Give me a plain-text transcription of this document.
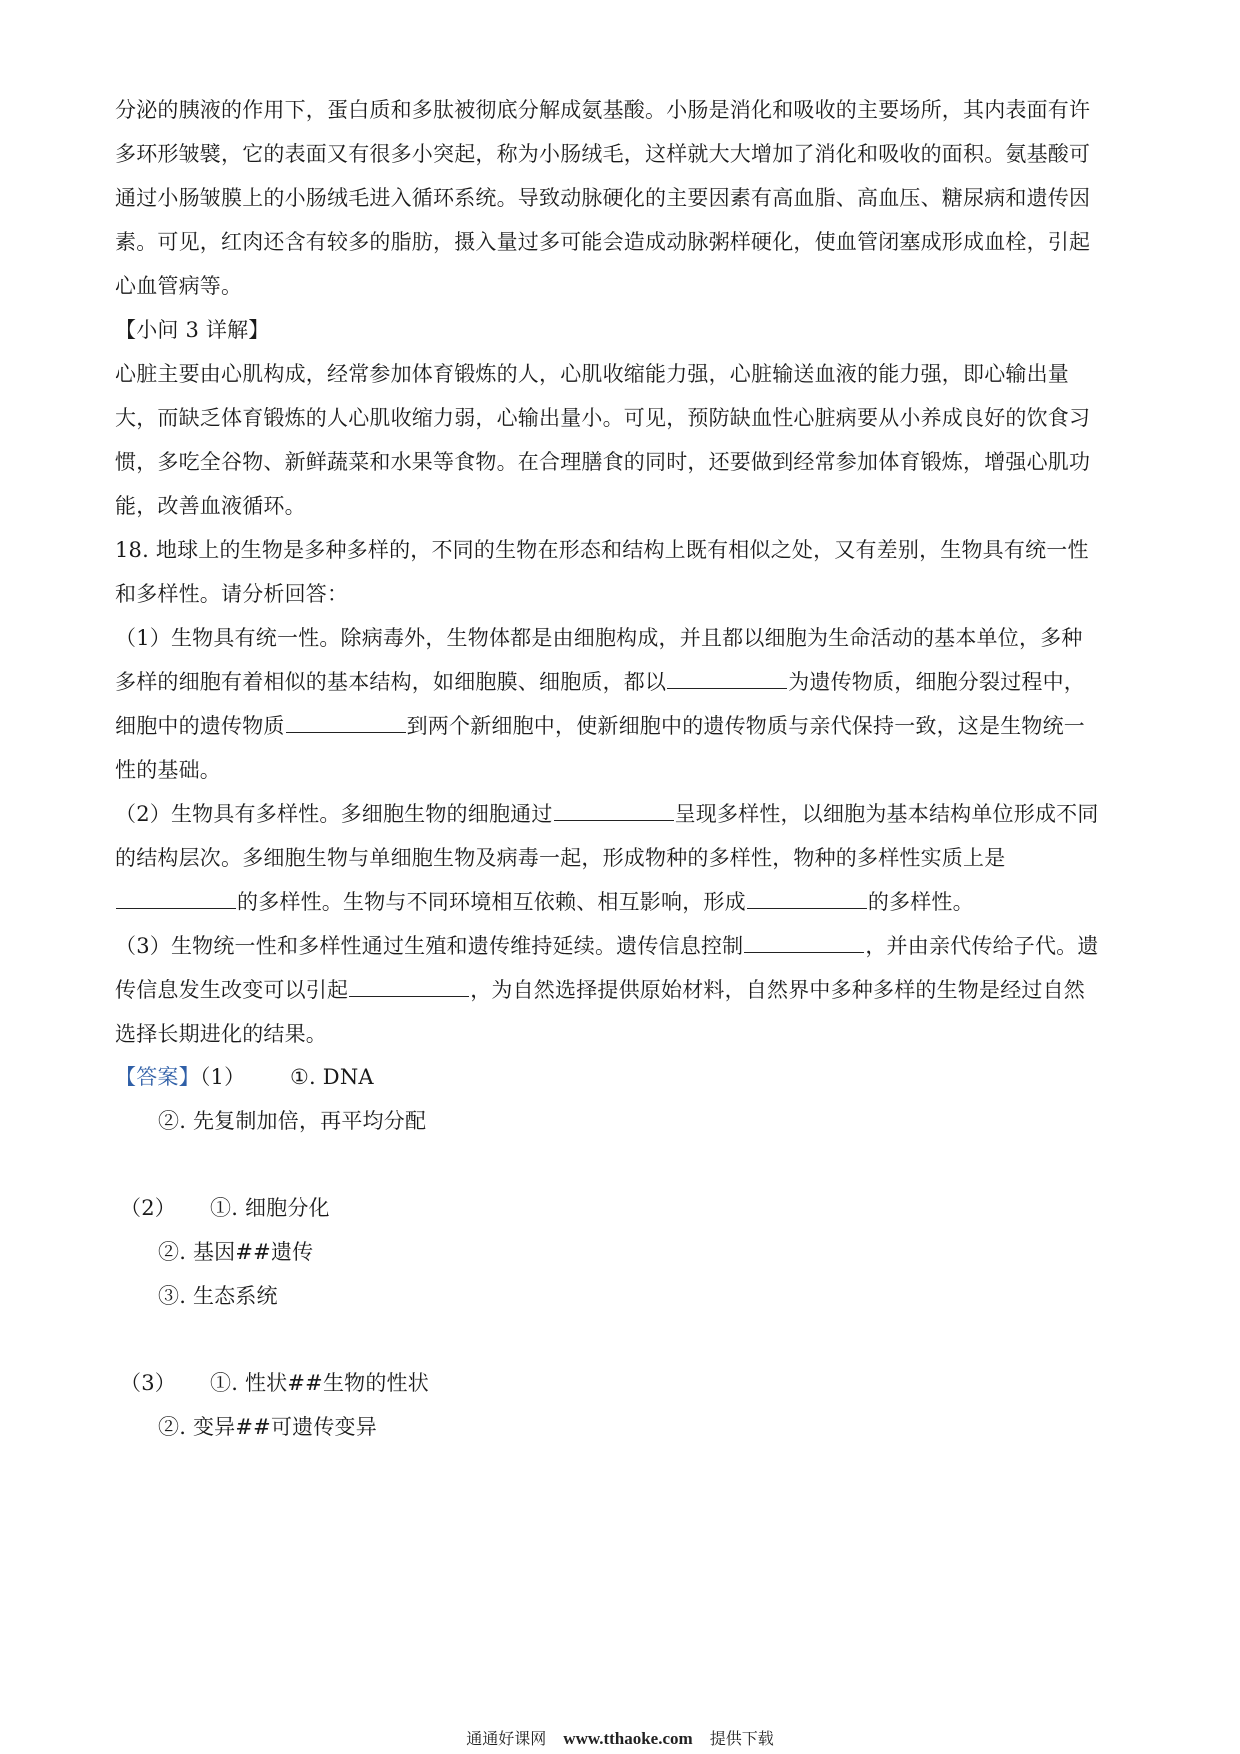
分泌的胰液的作用下，蛋白质和多肽被彻底分解成氨基酸。小肠是消化和吸收的主要场所，其内表面有许
多环形皱襞，它的表面又有很多小突起，称为小肠绒毛，这样就大大增加了消化和吸收的面积。氨基酸可
通过小肠皱膜上的小肠绒毛进入循环系统。导致动脉硬化的主要因素有高血脂、高血压、糖尿病和遗传因
素。可见，红肉还含有较多的脂肪，摄入量过多可能会造成动脉粥样硬化，使血管闭塞成形成血栓，引起
心血管病等。
【小问 3 详解】
心脏主要由心肌构成，经常参加体育锻炼的人，心肌收缩能力强，心脏输送血液的能力强，即心输出量
大，而缺乏体育锻炼的人心肌收缩力弱，心输出量小。可见，预防缺血性心脏病要从小养成良好的饮食习
惯，多吃全谷物、新鲜蔬菜和水果等食物。在合理膳食的同时，还要做到经常参加体育锻炼，增强心肌功
能，改善血液循环。
18. 地球上的生物是多种多样的，不同的生物在形态和结构上既有相似之处，又有差别，生物具有统一性
和多样性。请分析回答：
（1）生物具有统一性。除病毒外，生物体都是由细胞构成，并且都以细胞为生命活动的基本单位，多种
多样的细胞有着相似的基本结构，如细胞膜、细胞质，都以	为遗传物质，细胞分裂过程中，
细胞中的遗传物质	到两个新细胞中，使新细胞中的遗传物质与亲代保持一致，这是生物统一
性的基础。
（2）生物具有多样性。多细胞生物的细胞通过	呈现多样性，以细胞为基本结构单位形成不同
的结构层次。多细胞生物与单细胞生物及病毒一起，形成物种的多样性，物种的多样性实质上是
的多样性。生物与不同环境相互依赖、相互影响，形成	的多样性。
（3）生物统一性和多样性通过生殖和遗传维持延续。遗传信息控制	，并由亲代传给子代。遗
传信息发生改变可以引起	，为自然选择提供原始材料，自然界中多种多样的生物是经过自然
选择长期进化的结果。
【答案】（1） ①. DNA
②. 先复制加倍，再平均分配
（2） ①. 细胞分化
②. 基因##遗传
③. 生态系统
（3） ①. 性状##生物的性状
②. 变异##可遗传变异
通通好课网 www.tthaoke.com 提供下载
